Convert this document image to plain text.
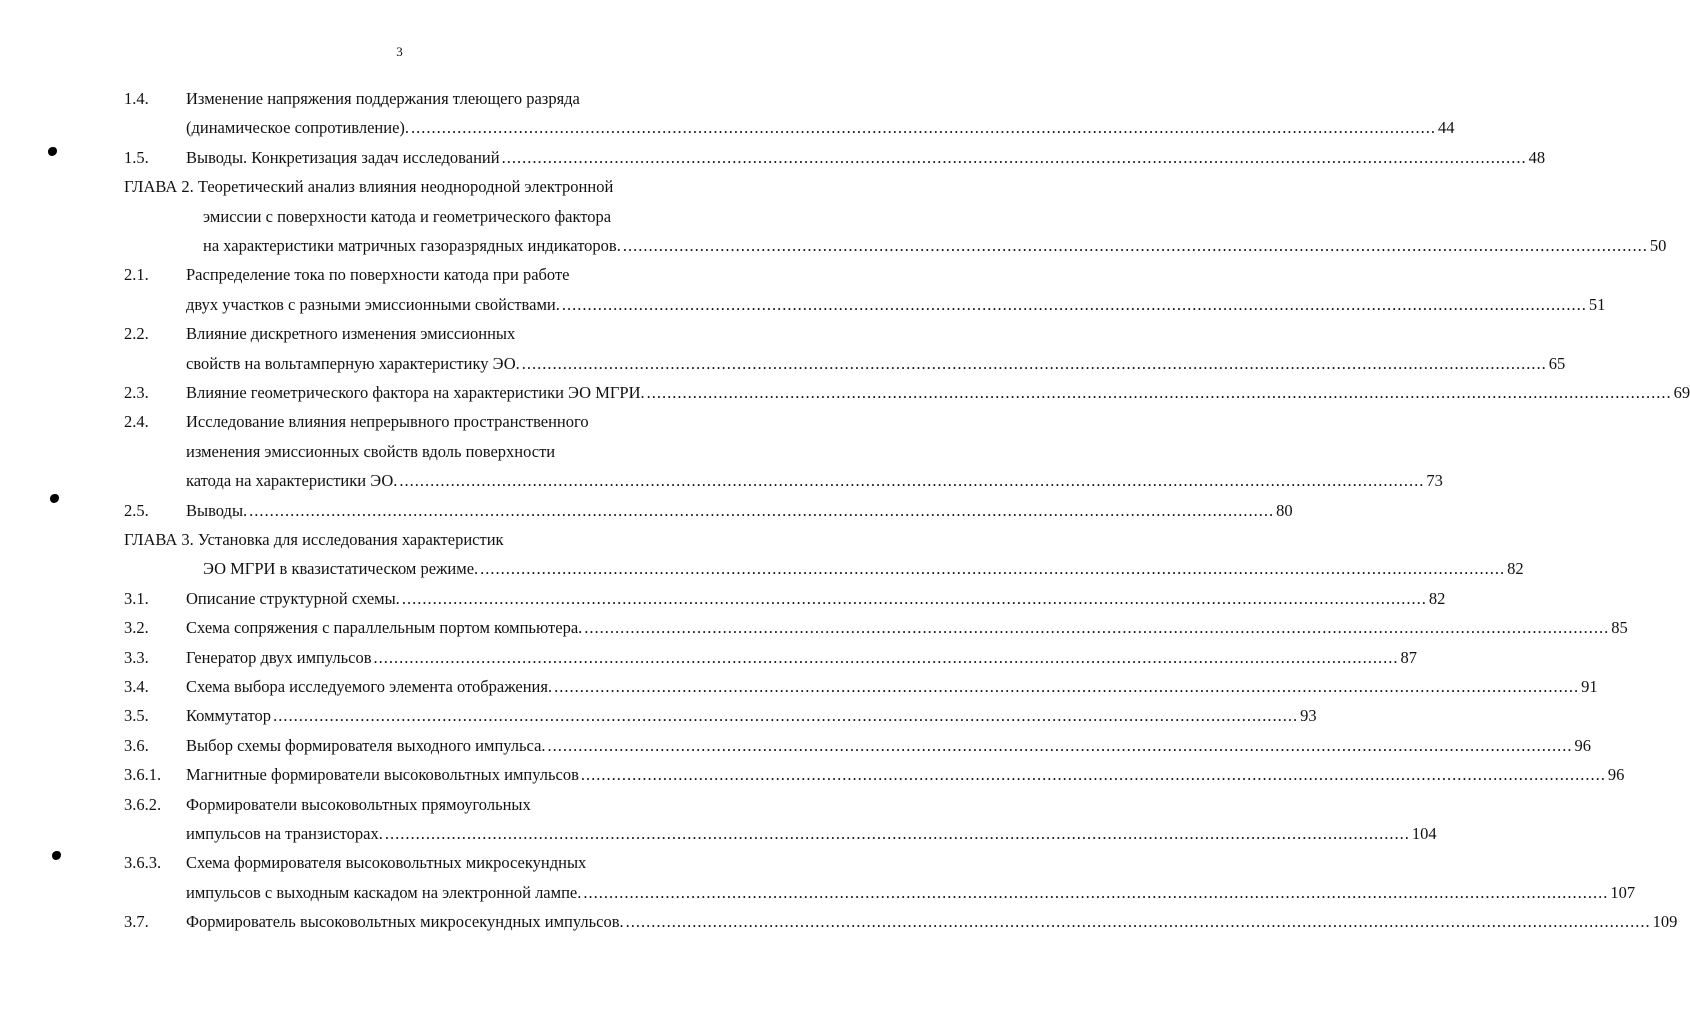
3
1.4. Изменение напряжения поддержания тлеющего разряда
(динамическое сопротивление). ........................................................................................................................................................................................................ 44
1.5. Выводы. Конкретизация задач исследований ........................................................................................................................................................................................................ 48
ГЛАВА 2. Теоретический анализ влияния неоднородной электронной
эмиссии с поверхности катода и геометрического фактора
на характеристики матричных газоразрядных индикаторов. ........................................................................................................................................................................................................ 50
2.1. Распределение тока по поверхности катода при работе
двух участков с разными эмиссионными свойствами. ........................................................................................................................................................................................................ 51
2.2. Влияние дискретного изменения эмиссионных
свойств на вольтамперную характеристику ЭО. ........................................................................................................................................................................................................ 65
2.3. Влияние геометрического фактора на характеристики ЭО МГРИ. ........................................................................................................................................................................................................ 69
2.4. Исследование влияния непрерывного пространственного
изменения эмиссионных свойств вдоль поверхности
катода на характеристики ЭО. ........................................................................................................................................................................................................ 73
2.5. Выводы. ........................................................................................................................................................................................................ 80
ГЛАВА 3. Установка для исследования характеристик
ЭО МГРИ в квазистатическом режиме. ........................................................................................................................................................................................................ 82
3.1. Описание структурной схемы. ........................................................................................................................................................................................................ 82
3.2. Схема сопряжения с параллельным портом компьютера. ........................................................................................................................................................................................................ 85
3.3. Генератор двух импульсов ........................................................................................................................................................................................................ 87
3.4. Схема выбора исследуемого элемента отображения. ........................................................................................................................................................................................................ 91
3.5. Коммутатор ........................................................................................................................................................................................................ 93
3.6. Выбор схемы формирователя выходного импульса. ........................................................................................................................................................................................................ 96
3.6.1. Магнитные формирователи высоковольтных импульсов ........................................................................................................................................................................................................ 96
3.6.2. Формирователи высоковольтных прямоугольных
импульсов на транзисторах. ........................................................................................................................................................................................................ 104
3.6.3. Схема формирователя высоковольтных микросекундных
импульсов с выходным каскадом на электронной лампе. ........................................................................................................................................................................................................ 107
3.7. Формирователь высоковольтных микросекундных импульсов. ........................................................................................................................................................................................................ 109
